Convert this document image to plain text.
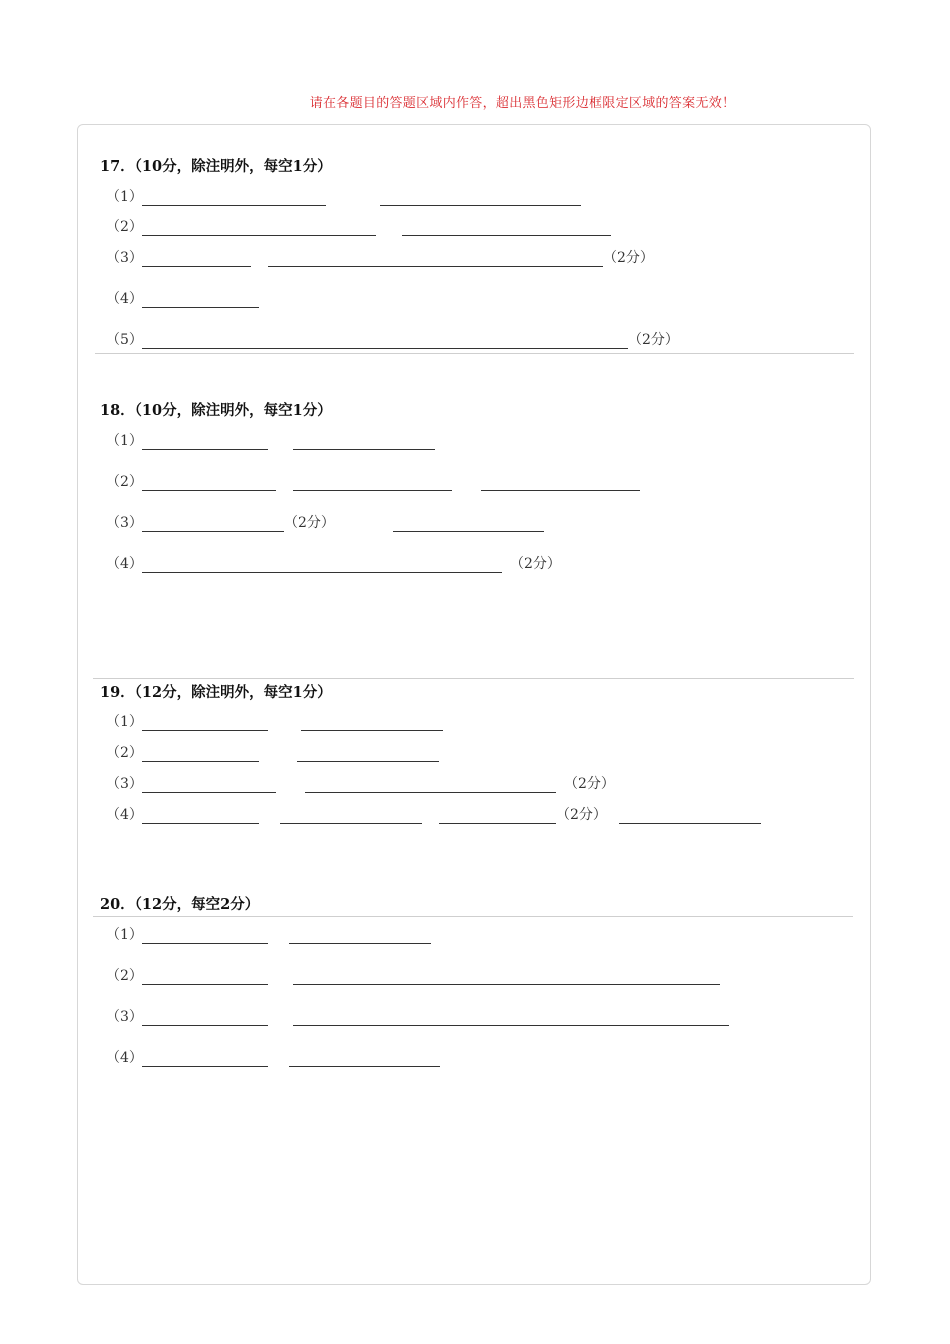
请在各题目的答题区域内作答，超出黑色矩形边框限定区域的答案无效！
17．（10分，除注明外，每空1分）
（1）
（2）
（3）	（2分）
（4）
（5）	（2分）
18．（10分，除注明外，每空1分）
（1）
（2）
（3）	（2分）
（4）	（2分）
19．（12分，除注明外，每空1分）
（1）
（2）
（3）	（2分）
（4）	（2分）
20．（12分，每空2分）
（1）
（2）
（3）
（4）
